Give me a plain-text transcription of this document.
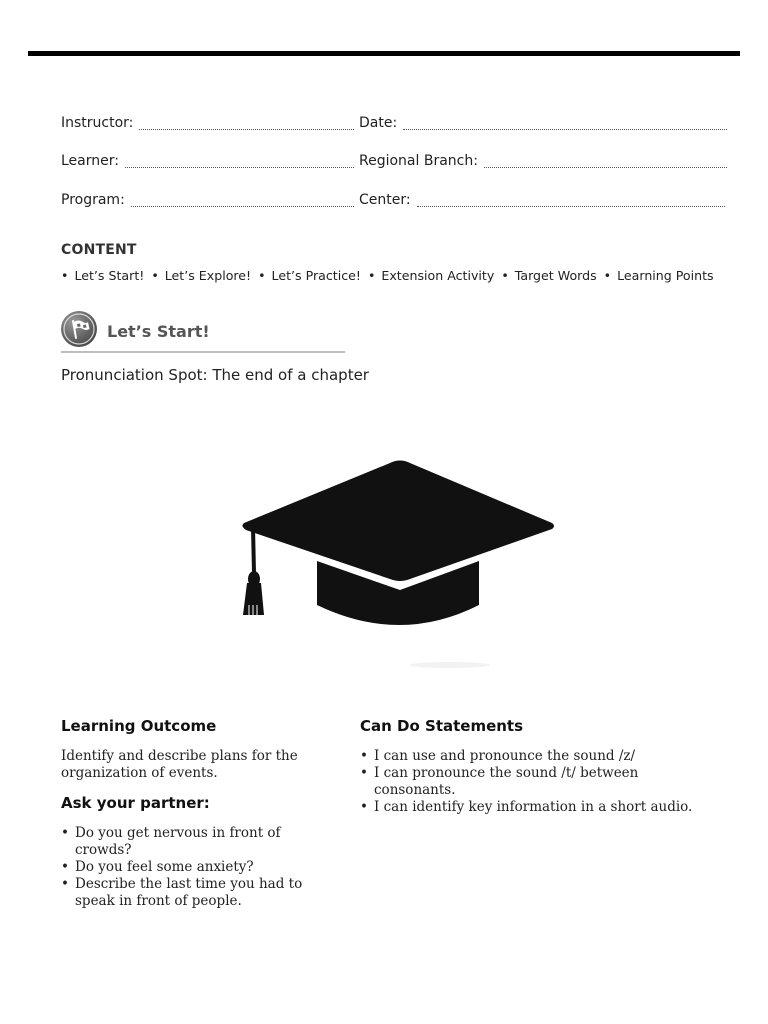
Instructor:	Date:
Learner:	Regional Branch:
Program:	Center:
CONTENT
• Let’s Start!	• Let’s Explore!	• Let’s Practice!	• Extension Activity	• Target Words	• Learning Points
Let’s Start!
Pronunciation Spot: The end of a chapter
Learning Outcome

Identify and describe plans for the organization of events.

Ask your partner:
• Do you get nervous in front of crowds?
• Do you feel some anxiety?
• Describe the last time you had to speak in front of people.
Can Do Statements
• I can use and pronounce the sound /z/
• I can pronounce the sound /t/ between consonants.
• I can identify key information in a short audio.
